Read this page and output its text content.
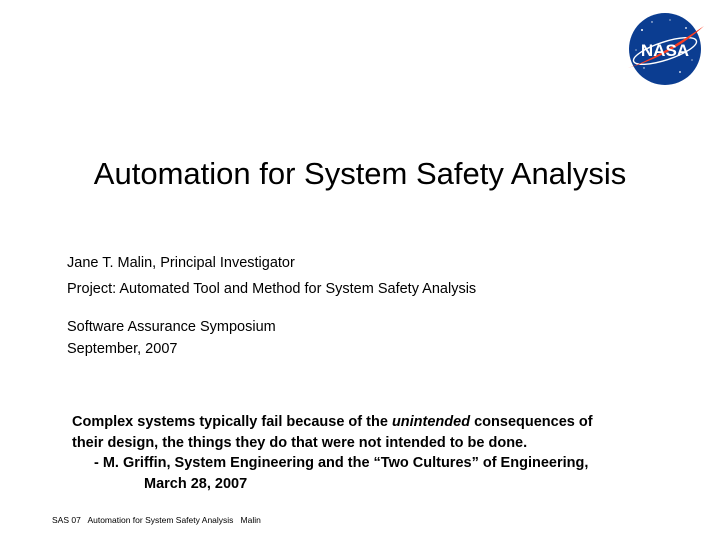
NASA
Automation for System Safety Analysis
Jane T. Malin, Principal Investigator
Project: Automated Tool and Method for System Safety Analysis
Software Assurance Symposium
September, 2007
Complex systems typically fail because of the unintended consequences of
their design, the things they do that were not intended to be done.
- M. Griffin, System Engineering and the “Two Cultures” of Engineering,
March 28, 2007
SAS 07   Automation for System Safety Analysis   Malin
